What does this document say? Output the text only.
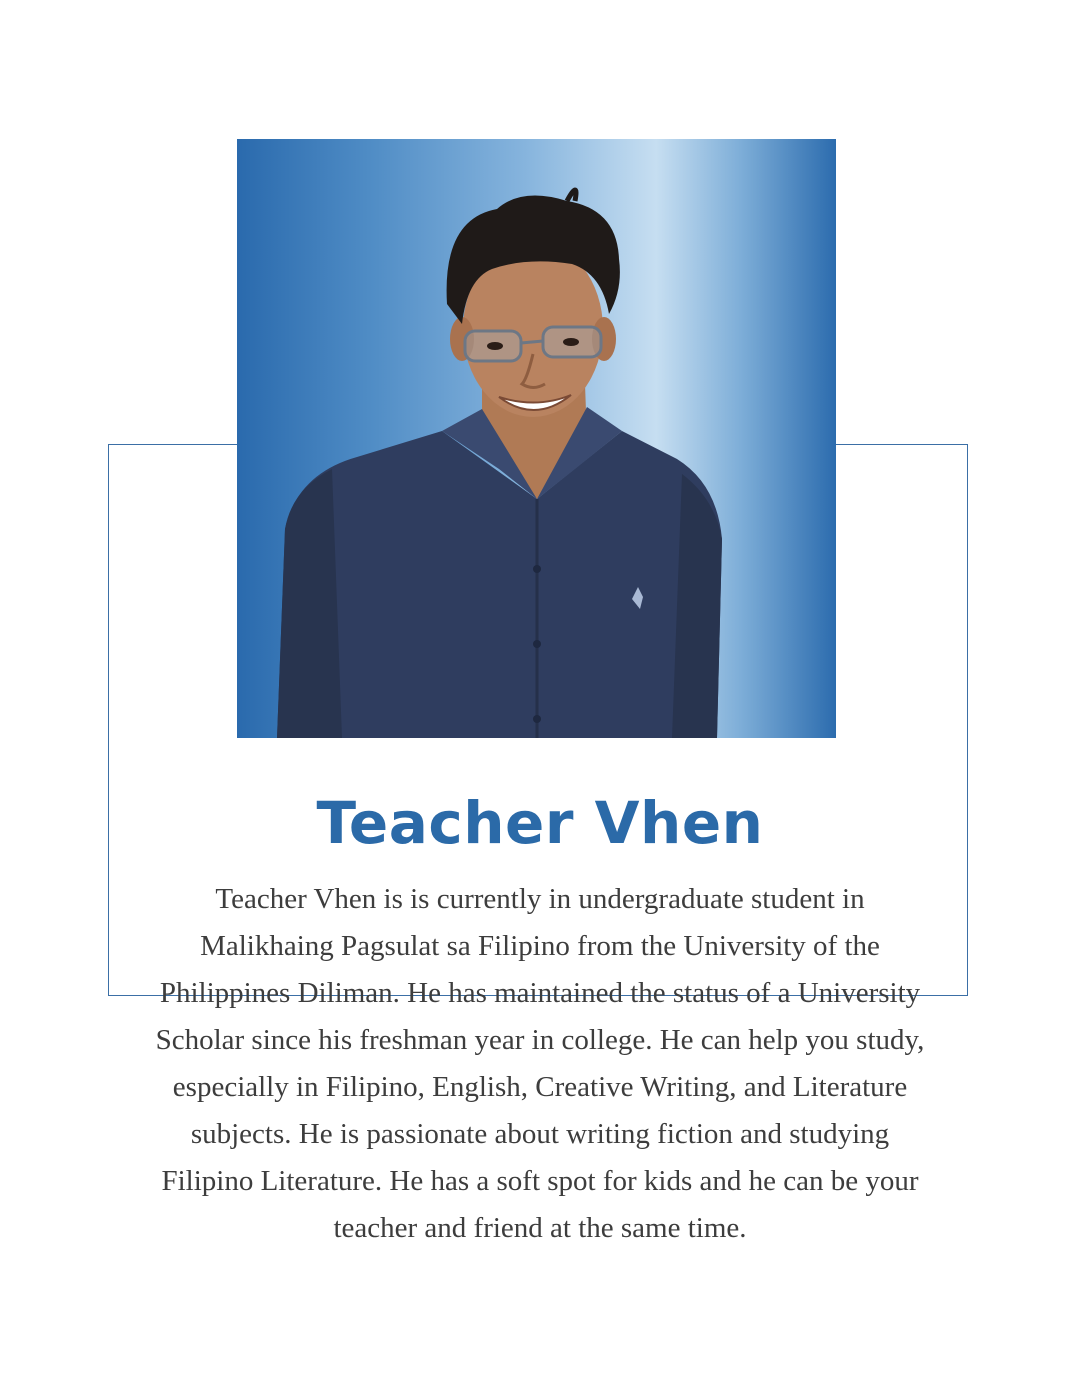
Teacher Vhen

Teacher Vhen is is currently in undergraduate student in Malikhaing Pagsulat sa Filipino from the University of the Philippines Diliman. He has maintained the status of a University Scholar since his freshman year in college. He can help you study, especially in Filipino, English, Creative Writing, and Literature subjects. He is passionate about writing fiction and studying Filipino Literature. He has a soft spot for kids and he can be your teacher and friend at the same time.
